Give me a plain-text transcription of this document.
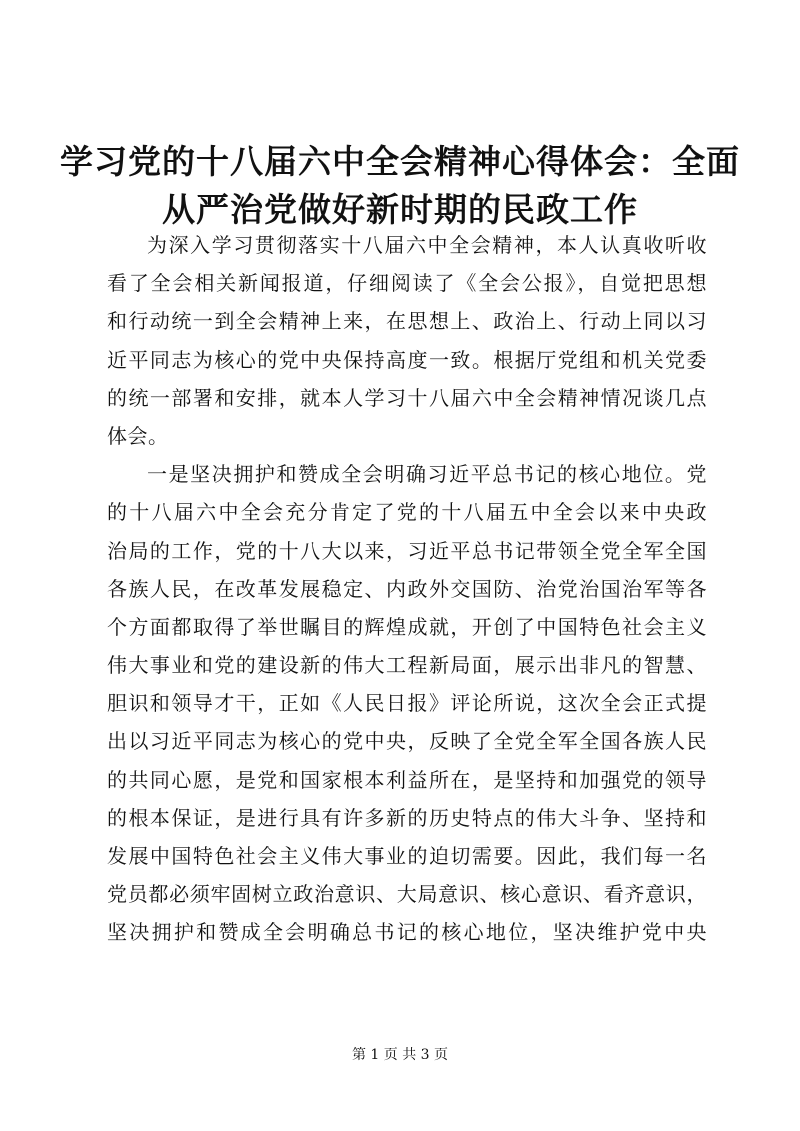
学习党的十八届六中全会精神心得体会：全面
从严治党做好新时期的民政工作
为深入学习贯彻落实十八届六中全会精神，本人认真收听收
看了全会相关新闻报道，仔细阅读了《全会公报》，自觉把思想
和行动统一到全会精神上来，在思想上、政治上、行动上同以习
近平同志为核心的党中央保持高度一致。根据厅党组和机关党委
的统一部署和安排，就本人学习十八届六中全会精神情况谈几点
体会。
一是坚决拥护和赞成全会明确习近平总书记的核心地位。党
的十八届六中全会充分肯定了党的十八届五中全会以来中央政
治局的工作，党的十八大以来，习近平总书记带领全党全军全国
各族人民，在改革发展稳定、内政外交国防、治党治国治军等各
个方面都取得了举世瞩目的辉煌成就，开创了中国特色社会主义
伟大事业和党的建设新的伟大工程新局面，展示出非凡的智慧、
胆识和领导才干，正如《人民日报》评论所说，这次全会正式提
出以习近平同志为核心的党中央，反映了全党全军全国各族人民
的共同心愿，是党和国家根本利益所在，是坚持和加强党的领导
的根本保证，是进行具有许多新的历史特点的伟大斗争、坚持和
发展中国特色社会主义伟大事业的迫切需要。因此，我们每一名
党员都必须牢固树立政治意识、大局意识、核心意识、看齐意识，
坚决拥护和赞成全会明确总书记的核心地位，坚决维护党中央
第 1 页 共 3 页
